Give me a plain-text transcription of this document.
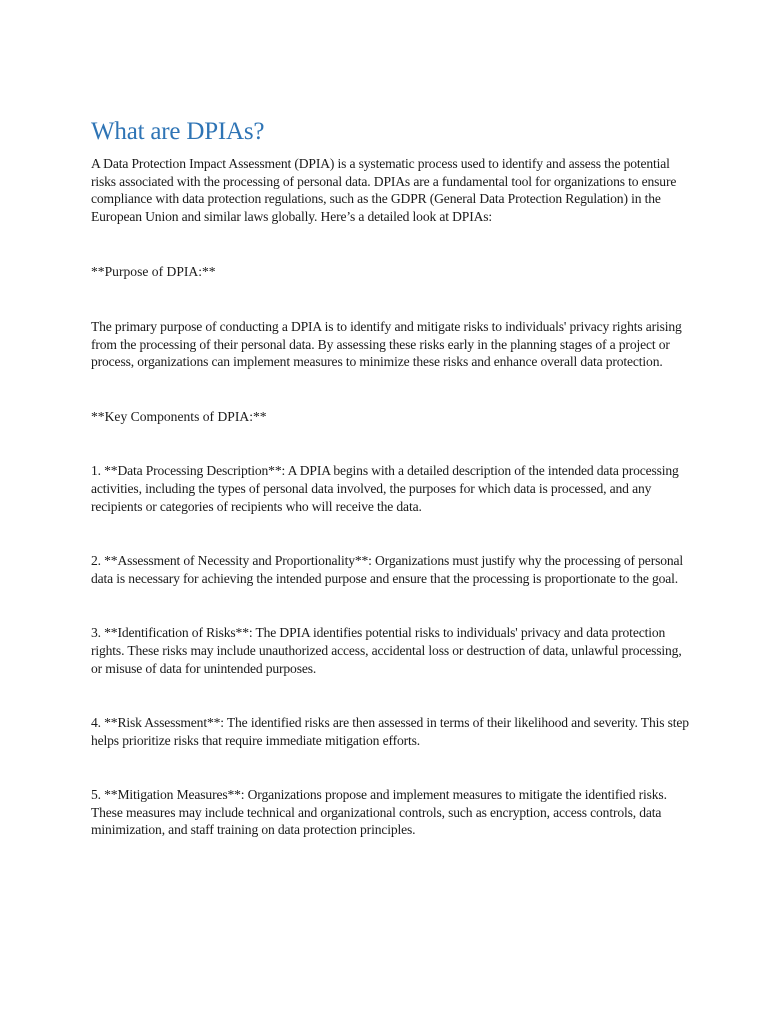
What are DPIAs?

A Data Protection Impact Assessment (DPIA) is a systematic process used to identify and assess the potential risks associated with the processing of personal data. DPIAs are a fundamental tool for organizations to ensure compliance with data protection regulations, such as the GDPR (General Data Protection Regulation) in the European Union and similar laws globally. Here’s a detailed look at DPIAs:

**Purpose of DPIA:**

The primary purpose of conducting a DPIA is to identify and mitigate risks to individuals' privacy rights arising from the processing of their personal data. By assessing these risks early in the planning stages of a project or process, organizations can implement measures to minimize these risks and enhance overall data protection.

**Key Components of DPIA:**

1. **Data Processing Description**: A DPIA begins with a detailed description of the intended data processing activities, including the types of personal data involved, the purposes for which data is processed, and any recipients or categories of recipients who will receive the data.

2. **Assessment of Necessity and Proportionality**: Organizations must justify why the processing of personal data is necessary for achieving the intended purpose and ensure that the processing is proportionate to the goal.

3. **Identification of Risks**: The DPIA identifies potential risks to individuals' privacy and data protection rights. These risks may include unauthorized access, accidental loss or destruction of data, unlawful processing, or misuse of data for unintended purposes.

4. **Risk Assessment**: The identified risks are then assessed in terms of their likelihood and severity. This step helps prioritize risks that require immediate mitigation efforts.

5. **Mitigation Measures**: Organizations propose and implement measures to mitigate the identified risks. These measures may include technical and organizational controls, such as encryption, access controls, data minimization, and staff training on data protection principles.
